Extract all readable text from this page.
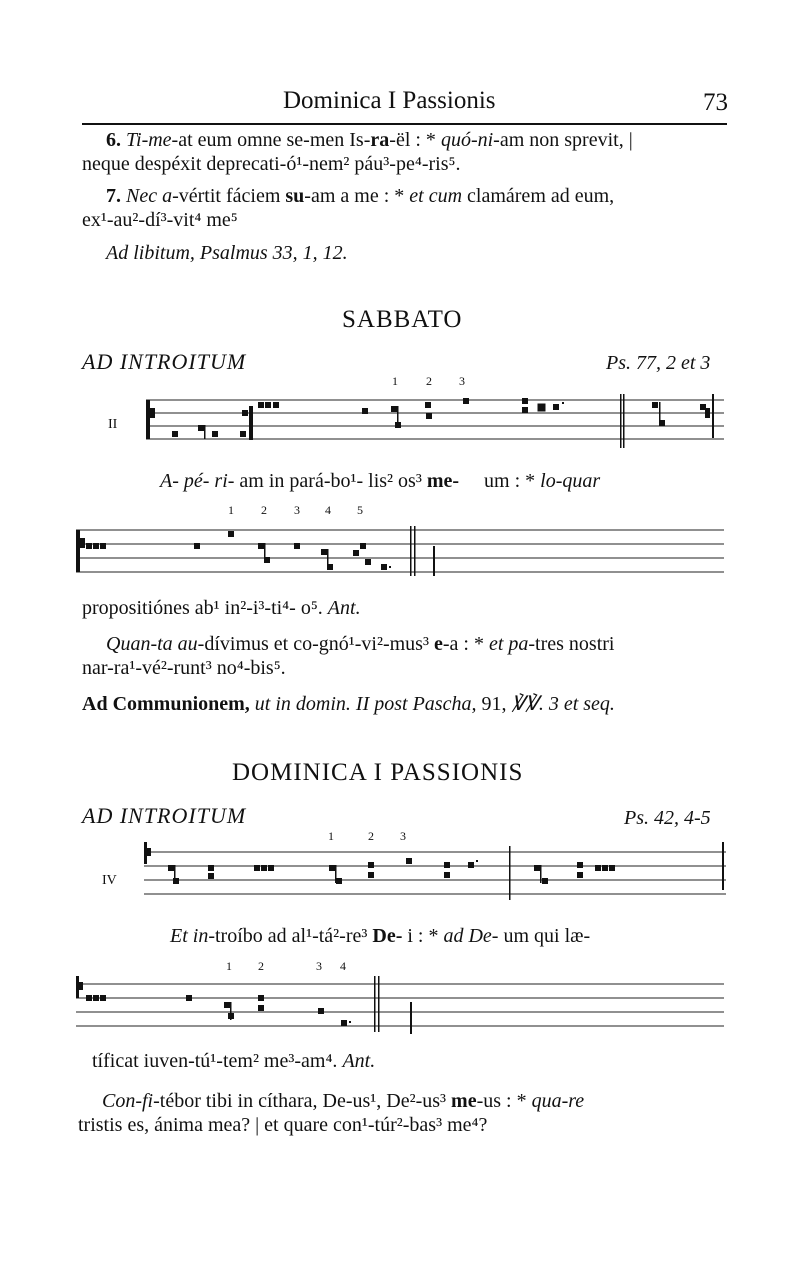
Dominica I Passionis	73
6. Ti-me-at eum omne se-men Is-ra-ël : * quó-ni-am non sprevit, |
neque despéxit deprecati-ó¹-nem² páu³-pe⁴-ris⁵.
7. Nec a-vértit fáciem su-am a me : * et cum clamárem ad eum,
ex¹-au²-dí³-vit⁴ me⁵
Ad libitum, Psalmus 33, 1, 12.
SABBATO
AD INTROITUM	Ps. 77, 2 et 3
1 2 3
II
A- pé- ri- am in pará-bo¹- lis² os³ me- um : * lo-quar
1 2 3 4 5
propositiónes ab¹ in²-i³-ti⁴- o⁵. Ant.
Quan-ta au-dívimus et co-gnó¹-vi²-mus³ e-a : * et pa-tres nostri
nar-ra¹-vé²-runt³ no⁴-bis⁵.
Ad Communionem, ut in domin. II post Pascha, 91, ℣℣. 3 et seq.
DOMINICA I PASSIONIS
AD INTROITUM	Ps. 42, 4-5
1	2 3
IV
Et in-troíbo ad al¹-tá²-re³ De- i : * ad De- um qui læ-
1 2	3 4
tíficat iuven-tú¹-tem² me³-am⁴. Ant.
Con-fi-tébor tibi in cíthara, De-us¹, De²-us³ me-us : * qua-re
tristis es, ánima mea? | et quare con¹-túr²-bas³ me⁴?
